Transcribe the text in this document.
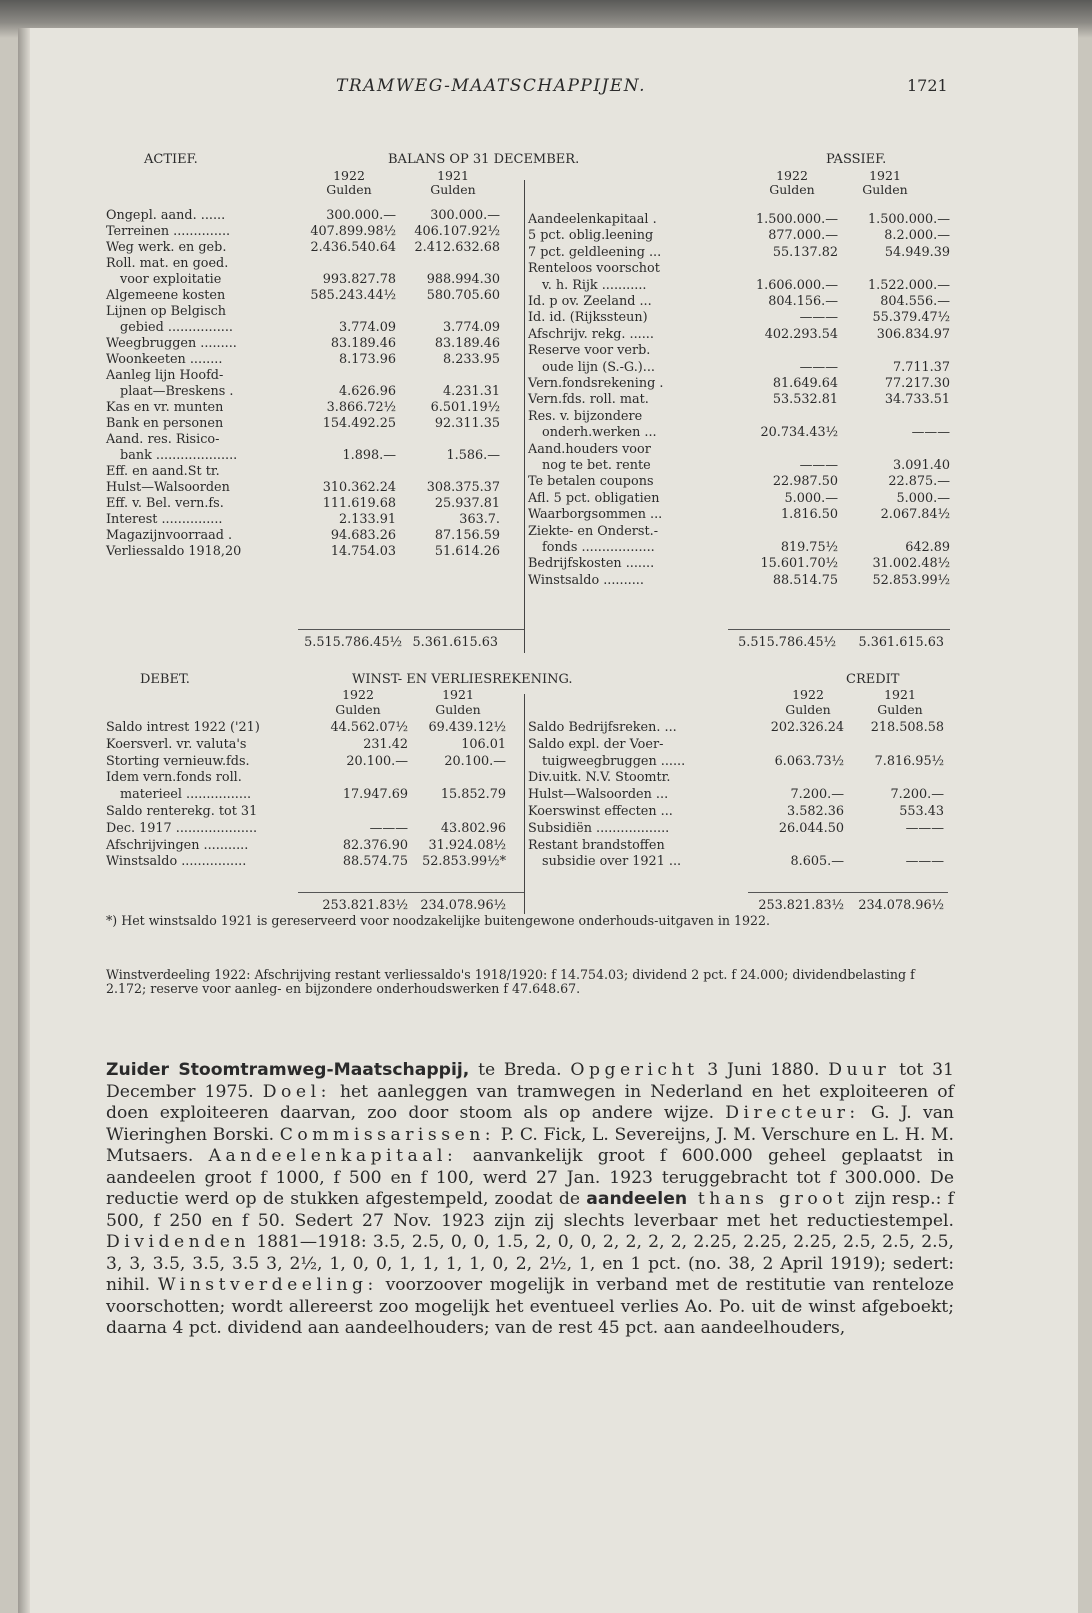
TRAMWEG-MAATSCHAPPIJEN.	1721
ACTIEF.	BALANS OP 31 DECEMBER.	PASSIEF.
1922	1921
Gulden	Gulden
1922	1921
Gulden	Gulden
Ongepl. aand. ......	300.000.—	300.000.—
Terreinen ..............	407.899.98½	406.107.92½
Weg werk. en geb.	2.436.540.64	2.412.632.68
Roll. mat. en goed.
voor exploitatie	993.827.78	988.994.30
Algemeene kosten	585.243.44½	580.705.60
Lijnen op Belgisch
gebied ................	3.774.09	3.774.09
Weegbruggen .........	83.189.46	83.189.46
Woonkeeten ........	8.173.96	8.233.95
Aanleg lijn Hoofd-
plaat—Breskens .	4.626.96	4.231.31
Kas en vr. munten	3.866.72½	6.501.19½
Bank en personen	154.492.25	92.311.35
Aand. res. Risico-
bank ....................	1.898.—	1.586.—
Eff. en aand.St tr.
Hulst—Walsoorden	310.362.24	308.375.37
Eff. v. Bel. vern.fs.	111.619.68	25.937.81
Interest ...............	2.133.91	363.7.
Magazijnvoorraad .	94.683.26	87.156.59
Verliessaldo 1918,20	14.754.03	51.614.26
Aandeelenkapitaal .	1.500.000.—	1.500.000.—
5 pct. oblig.leening	877.000.—	8.2.000.—
7 pct. geldleening ...	55.137.82	54.949.39
Renteloos voorschot
v. h. Rijk ...........	1.606.000.—	1.522.000.—
Id. p ov. Zeeland ...	804.156.—	804.556.—
Id. id. (Rijkssteun)	———	55.379.47½
Afschrijv. rekg. ......	402.293.54	306.834.97
Reserve voor verb.
oude lijn (S.-G.)...	———	7.711.37
Vern.fondsrekening .	81.649.64	77.217.30
Vern.fds. roll. mat.	53.532.81	34.733.51
Res. v. bijzondere
onderh.werken ...	20.734.43½	———
Aand.houders voor
nog te bet. rente	———	3.091.40
Te betalen coupons	22.987.50	22.875.—
Afl. 5 pct. obligatien	5.000.—	5.000.—
Waarborgsommen ...	1.816.50	2.067.84½
Ziekte- en Onderst.-
fonds ..................	819.75½	642.89
Bedrijfskosten .......	15.601.70½	31.002.48½
Winstsaldo ..........	88.514.75	52.853.99½
5.515.786.45½ 5.361.615.63	5.515.786.45½	5.361.615.63
DEBET.	WINST- EN VERLIESREKENING.	CREDIT
1922	1921
Gulden	Gulden
1922	1921
Gulden	Gulden
Saldo intrest 1922 ('21)	44.562.07½	69.439.12½
Koersverl. vr. valuta's	231.42	106.01
Storting vernieuw.fds.	20.100.—	20.100.—
Idem vern.fonds roll.
materieel ................	17.947.69	15.852.79
Saldo renterekg. tot 31
Dec. 1917 ....................	———	43.802.96
Afschrijvingen ...........	82.376.90	31.924.08½
Winstsaldo ................	88.574.75	52.853.99½*
Saldo Bedrijfsreken. ...	202.326.24	218.508.58
Saldo expl. der Voer-
tuigweegbruggen ......	6.063.73½	7.816.95½
Div.uitk. N.V. Stoomtr.
Hulst—Walsoorden ...	7.200.—	7.200.—
Koerswinst effecten ...	3.582.36	553.43
Subsidiën ..................	26.044.50	———
Restant brandstoffen
subsidie over 1921 ...	8.605.—	———
253.821.83½ 234.078.96½	253.821.83½	234.078.96½
*) Het winstsaldo 1921 is gereserveerd voor noodzakelijke buitengewone onderhouds-uitgaven in 1922.
Winstverdeeling 1922: Afschrijving restant verliessaldo's 1918/1920: f 14.754.03; dividend 2 pct. f 24.000; dividendbelasting f 2.172; reserve voor aanleg- en bijzondere onderhoudswerken f 47.648.67.
Zuider Stoomtramweg-Maatschappij, te Breda. Opgericht 3 Juni 1880. Duur tot 31 December 1975. Doel: het aanleggen van tramwegen in Nederland en het exploiteeren of doen exploiteeren daarvan, zoo door stoom als op andere wijze. Directeur: G. J. van Wieringhen Borski. Commissarissen: P. C. Fick, L. Severeijns, J. M. Verschure en L. H. M. Mutsaers. Aandeelenkapitaal: aanvankelijk groot f 600.000 geheel geplaatst in aandeelen groot f 1000, f 500 en f 100, werd 27 Jan. 1923 teruggebracht tot f 300.000. De reductie werd op de stukken afgestempeld, zoodat de aandeelen thans groot zijn resp.: f 500, f 250 en f 50. Sedert 27 Nov. 1923 zijn zij slechts leverbaar met het reductiestempel. Dividenden 1881—1918: 3.5, 2.5, 0, 0, 1.5, 2, 0, 0, 2, 2, 2, 2, 2.25, 2.25, 2.25, 2.5, 2.5, 2.5, 3, 3, 3.5, 3.5, 3.5 3, 2½, 1, 0, 0, 1, 1, 1, 1, 0, 2, 2½, 1, en 1 pct. (no. 38, 2 April 1919); sedert: nihil. Winstverdeeling: voorzoover mogelijk in verband met de restitutie van renteloze voorschotten; wordt allereerst zoo mogelijk het eventueel verlies Ao. Po. uit de winst afgeboekt; daarna 4 pct. dividend aan aandeelhouders; van de rest 45 pct. aan aandeelhouders,
